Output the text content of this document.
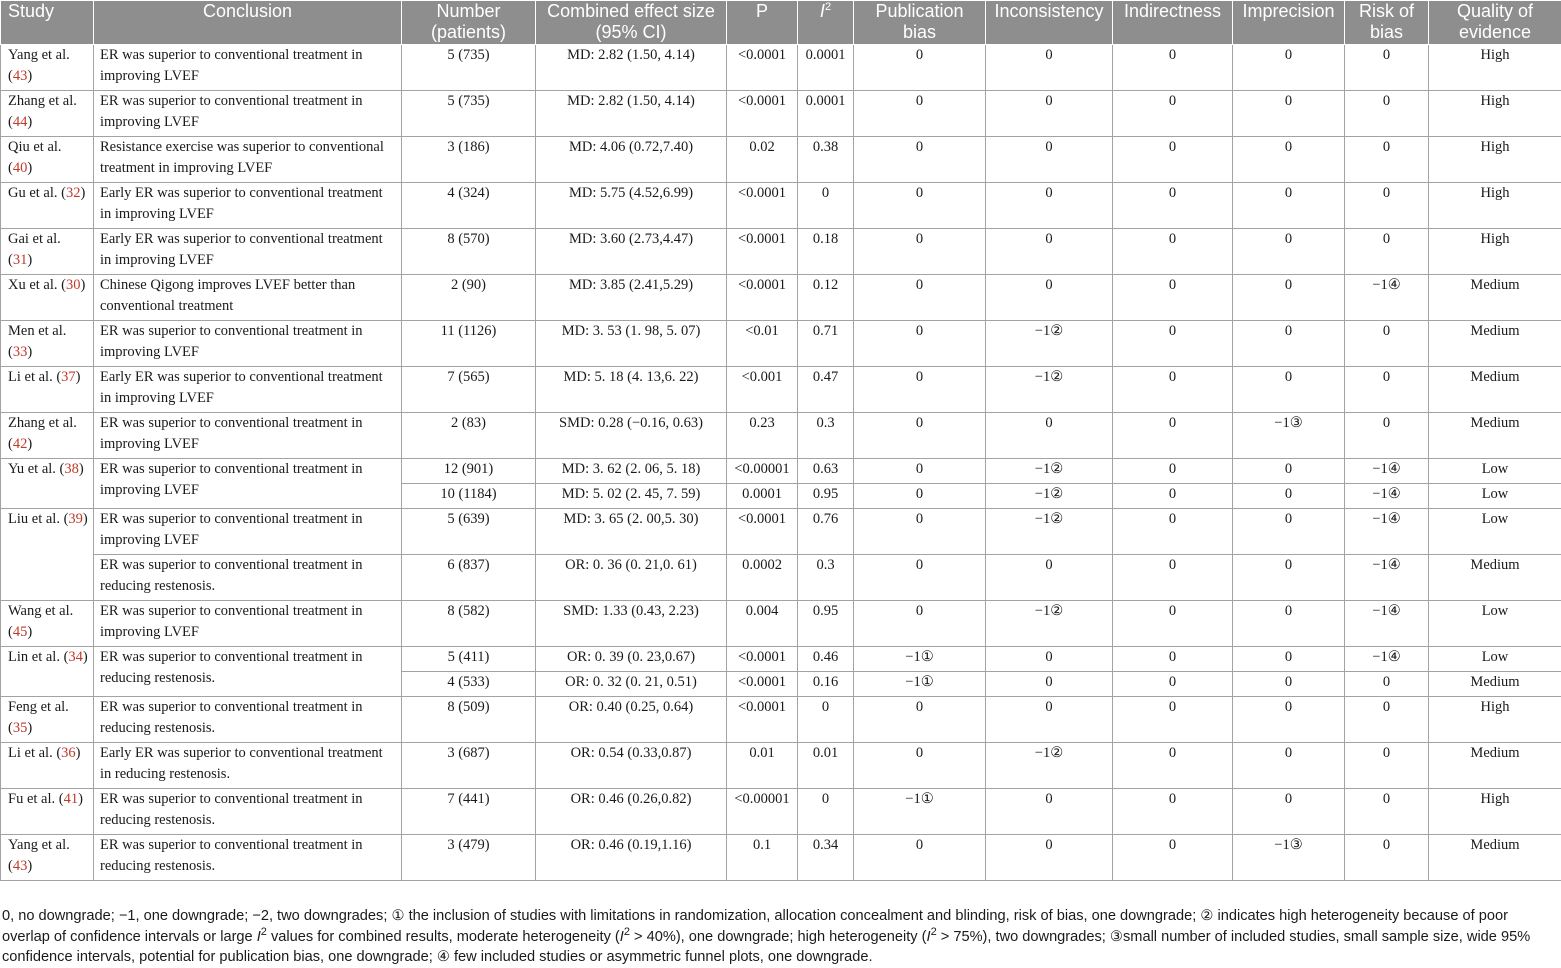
Study	Conclusion	Number (patients)	Combined effect size (95% CI)	P	$I^2$	Publication bias	Inconsistency	Indirectness	Imprecision	Risk of bias	Quality of evidence
Yang et al. (43)	ER was superior to conventional treatment in improving LVEF	5 (735)	MD: 2.82 (1.50, 4.14)	<0.0001	0.0001	0	0	0	0	0	High
Zhang et al. (44)	ER was superior to conventional treatment in improving LVEF	5 (735)	MD: 2.82 (1.50, 4.14)	<0.0001	0.0001	0	0	0	0	0	High
Qiu et al. (40)	Resistance exercise was superior to conventional treatment in improving LVEF	3 (186)	MD: 4.06 (0.72,7.40)	0.02	0.38	0	0	0	0	0	High
Gu et al. (32)	Early ER was superior to conventional treatment in improving LVEF	4 (324)	MD: 5.75 (4.52,6.99)	<0.0001	0	0	0	0	0	0	High
Gai et al. (31)	Early ER was superior to conventional treatment in improving LVEF	8 (570)	MD: 3.60 (2.73,4.47)	<0.0001	0.18	0	0	0	0	0	High
Xu et al. (30)	Chinese Qigong improves LVEF better than conventional treatment	2 (90)	MD: 3.85 (2.41,5.29)	<0.0001	0.12	0	0	0	0	−1④	Medium
Men et al. (33)	ER was superior to conventional treatment in improving LVEF	11 (1126)	MD: 3. 53 (1. 98, 5. 07)	<0.01	0.71	0	−1②	0	0	0	Medium
Li et al. (37)	Early ER was superior to conventional treatment in improving LVEF	7 (565)	MD: 5. 18 (4. 13,6. 22)	<0.001	0.47	0	−1②	0	0	0	Medium
Zhang et al. (42)	ER was superior to conventional treatment in improving LVEF	2 (83)	SMD: 0.28 (−0.16, 0.63)	0.23	0.3	0	0	0	−1③	0	Medium
Yu et al. (38)	ER was superior to conventional treatment in improving LVEF	12 (901)	MD: 3. 62 (2. 06, 5. 18)	<0.00001	0.63	0	−1②	0	0	−1④	Low
		10 (1184)	MD: 5. 02 (2. 45, 7. 59)	0.0001	0.95	0	−1②	0	0	−1④	Low
Liu et al. (39)	ER was superior to conventional treatment in improving LVEF	5 (639)	MD: 3. 65 (2. 00,5. 30)	<0.0001	0.76	0	−1②	0	0	−1④	Low
	ER was superior to conventional treatment in reducing restenosis.	6 (837)	OR: 0. 36 (0. 21,0. 61)	0.0002	0.3	0	0	0	0	−1④	Medium
Wang et al. (45)	ER was superior to conventional treatment in improving LVEF	8 (582)	SMD: 1.33 (0.43, 2.23)	0.004	0.95	0	−1②	0	0	−1④	Low
Lin et al. (34)	ER was superior to conventional treatment in reducing restenosis.	5 (411)	OR: 0. 39 (0. 23,0.67)	<0.0001	0.46	−1①	0	0	0	−1④	Low
		4 (533)	OR: 0. 32 (0. 21, 0.51)	<0.0001	0.16	−1①	0	0	0	0	Medium
Feng et al. (35)	ER was superior to conventional treatment in reducing restenosis.	8 (509)	OR: 0.40 (0.25, 0.64)	<0.0001	0	0	0	0	0	0	High
Li et al. (36)	Early ER was superior to conventional treatment in reducing restenosis.	3 (687)	OR: 0.54 (0.33,0.87)	0.01	0.01	0	−1②	0	0	0	Medium
Fu et al. (41)	ER was superior to conventional treatment in reducing restenosis.	7 (441)	OR: 0.46 (0.26,0.82)	<0.00001	0	−1①	0	0	0	0	High
Yang et al. (43)	ER was superior to conventional treatment in reducing restenosis.	3 (479)	OR: 0.46 (0.19,1.16)	0.1	0.34	0	0	0	−1③	0	Medium

0, no downgrade; −1, one downgrade; −2, two downgrades; ① the inclusion of studies with limitations in randomization, allocation concealment and blinding, risk of bias, one downgrade; ② indicates high heterogeneity because of poor overlap of confidence intervals or large $I^2$ values for combined results, moderate heterogeneity $(I^2 > 40\%)$, one downgrade; high heterogeneity $(I^2 > 75\%)$, two downgrades; ③small number of included studies, small sample size, wide 95% confidence intervals, potential for publication bias, one downgrade; ④ few included studies or asymmetric funnel plots, one downgrade.
